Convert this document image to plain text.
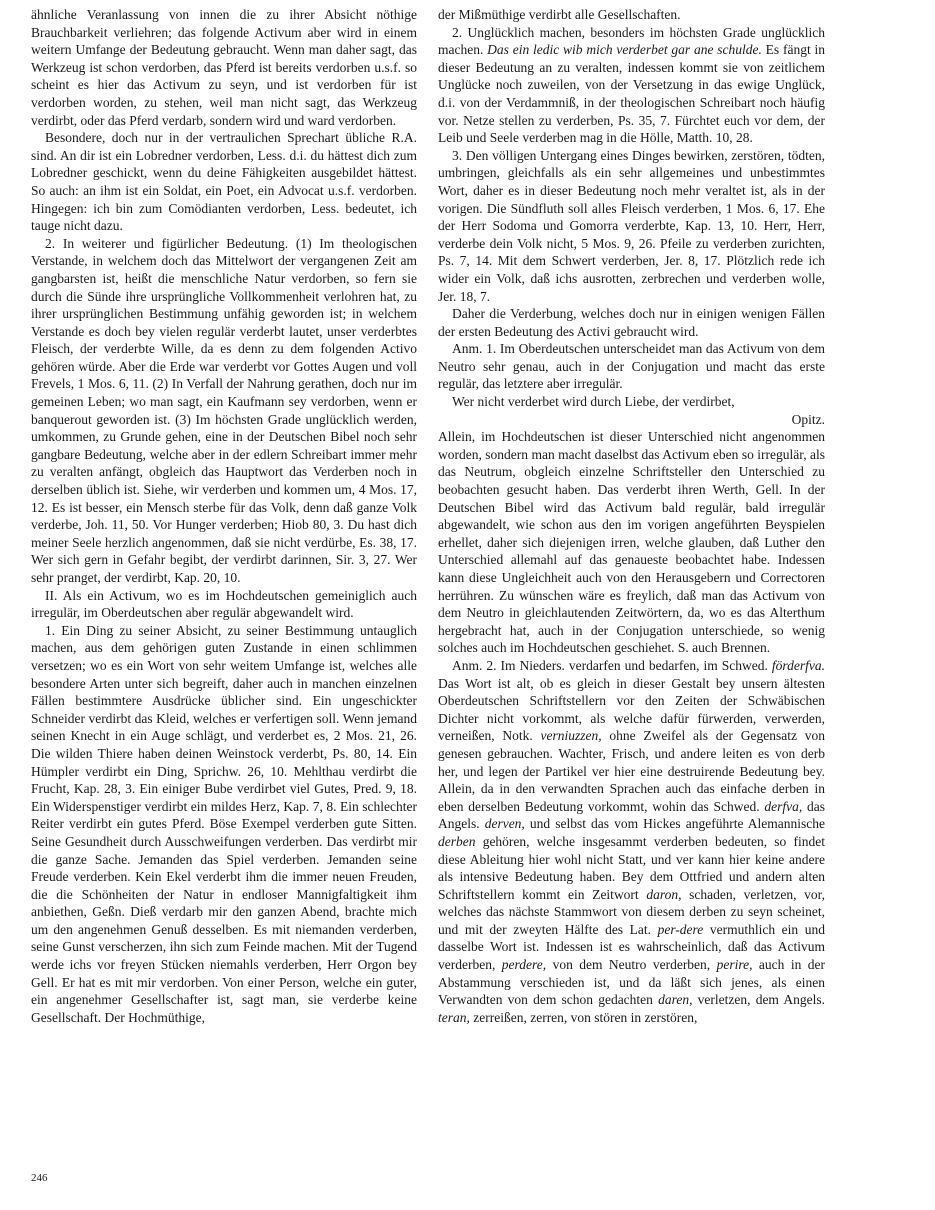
ähnliche Veranlassung von innen die zu ihrer Absicht nöthige Brauchbarkeit verliehren; das folgende Activum aber wird in einem weitern Umfange der Bedeutung gebraucht. Wenn man daher sagt, das Werkzeug ist schon verdorben, das Pferd ist bereits verdorben u.s.f. so scheint es hier das Activum zu seyn, und ist verdorben für ist verdorben worden, zu stehen, weil man nicht sagt, das Werkzeug verdirbt, oder das Pferd verdarb, sondern wird und ward verdorben.

Besondere, doch nur in der vertraulichen Sprechart übliche R.A. sind. An dir ist ein Lobredner verdorben, Less. d.i. du hättest dich zum Lobredner geschickt, wenn du deine Fähigkeiten ausgebildet hättest. So auch: an ihm ist ein Soldat, ein Poet, ein Advocat u.s.f. verdorben. Hingegen: ich bin zum Comödianten verdorben, Less. bedeutet, ich tauge nicht dazu.

2. In weiterer und figürlicher Bedeutung. (1) Im theologischen Verstande, in welchem doch das Mittelwort der vergangenen Zeit am gangbarsten ist, heißt die menschliche Natur verdorben, so fern sie durch die Sünde ihre ursprüngliche Vollkommenheit verlohren hat, zu ihrer ursprünglichen Bestimmung unfähig geworden ist; in welchem Verstande es doch bey vielen regulär verderbt lautet, unser verderbtes Fleisch, der verderbte Wille, da es denn zu dem folgenden Activo gehören würde. Aber die Erde war verderbt vor Gottes Augen und voll Frevels, 1 Mos. 6, 11. (2) In Verfall der Nahrung gerathen, doch nur im gemeinen Leben; wo man sagt, ein Kaufmann sey verdorben, wenn er banquerout geworden ist. (3) Im höchsten Grade unglücklich werden, umkommen, zu Grunde gehen, eine in der Deutschen Bibel noch sehr gangbare Bedeutung, welche aber in der edlern Schreibart immer mehr zu veralten anfängt, obgleich das Hauptwort das Verderben noch in derselben üblich ist. Siehe, wir verderben und kommen um, 4 Mos. 17, 12. Es ist besser, ein Mensch sterbe für das Volk, denn daß ganze Volk verderbe, Joh. 11, 50. Vor Hunger verderben; Hiob 80, 3. Du hast dich meiner Seele herzlich angenommen, daß sie nicht verdürbe, Es. 38, 17. Wer sich gern in Gefahr begibt, der verdirbt darinnen, Sir. 3, 27. Wer sehr pranget, der verdirbt, Kap. 20, 10.

II. Als ein Activum, wo es im Hochdeutschen gemeiniglich auch irregulär, im Oberdeutschen aber regulär abgewandelt wird.

1. Ein Ding zu seiner Absicht, zu seiner Bestimmung untauglich machen, aus dem gehörigen guten Zustande in einen schlimmen versetzen; wo es ein Wort von sehr weitem Umfange ist, welches alle besondere Arten unter sich begreift, daher auch in manchen einzelnen Fällen bestimmtere Ausdrücke üblicher sind. Ein ungeschickter Schneider verdirbt das Kleid, welches er verfertigen soll. Wenn jemand seinen Knecht in ein Auge schlägt, und verderbet es, 2 Mos. 21, 26. Die wilden Thiere haben deinen Weinstock verderbt, Ps. 80, 14. Ein Hümpler verdirbt ein Ding, Sprichw. 26, 10. Mehlthau verdirbt die Frucht, Kap. 28, 3. Ein einiger Bube verdirbet viel Gutes, Pred. 9, 18. Ein Widerspenstiger verdirbt ein mildes Herz, Kap. 7, 8. Ein schlechter Reiter verdirbt ein gutes Pferd. Böse Exempel verderben gute Sitten. Seine Gesundheit durch Ausschweifungen verderben. Das verdirbt mir die ganze Sache. Jemanden das Spiel verderben. Jemanden seine Freude verderben. Kein Ekel verderbt ihm die immer neuen Freuden, die die Schönheiten der Natur in endloser Mannigfaltigkeit ihm anbiethen, Geßn. Dieß verdarb mir den ganzen Abend, brachte mich um den angenehmen Genuß desselben. Es mit niemanden verderben, seine Gunst verscherzen, ihn sich zum Feinde machen. Mit der Tugend werde ichs vor freyen Stücken niemahls verderben, Herr Orgon bey Gell. Er hat es mit mir verdorben. Von einer Person, welche ein guter, ein angenehmer Gesellschafter ist, sagt man, sie verderbe keine Gesellschaft. Der Hochmüthige,

der Mißmüthige verdirbt alle Gesellschaften.

2. Unglücklich machen, besonders im höchsten Grade unglücklich machen. Das ein ledic wib mich verderbet gar ane schulde. Es fängt in dieser Bedeutung an zu veralten, indessen kommt sie von zeitlichem Unglücke noch zuweilen, von der Versetzung in das ewige Unglück, d.i. von der Verdammniß, in der theologischen Schreibart noch häufig vor. Netze stellen zu verderben, Ps. 35, 7. Fürchtet euch vor dem, der Leib und Seele verderben mag in die Hölle, Matth. 10, 28.

3. Den völligen Untergang eines Dinges bewirken, zerstören, tödten, umbringen, gleichfalls als ein sehr allgemeines und unbestimmtes Wort, daher es in dieser Bedeutung noch mehr veraltet ist, als in der vorigen. Die Sündfluth soll alles Fleisch verderben, 1 Mos. 6, 17. Ehe der Herr Sodoma und Gomorra verderbte, Kap. 13, 10. Herr, Herr, verderbe dein Volk nicht, 5 Mos. 9, 26. Pfeile zu verderben zurichten, Ps. 7, 14. Mit dem Schwert verderben, Jer. 8, 17. Plötzlich rede ich wider ein Volk, daß ichs ausrotten, zerbrechen und verderben wolle, Jer. 18, 7.

Daher die Verderbung, welches doch nur in einigen wenigen Fällen der ersten Bedeutung des Activi gebraucht wird.

Anm. 1. Im Oberdeutschen unterscheidet man das Activum von dem Neutro sehr genau, auch in der Conjugation und macht das erste regulär, das letztere aber irregulär.

Wer nicht verderbet wird durch Liebe, der verdirbet,

Opitz.

Allein, im Hochdeutschen ist dieser Unterschied nicht angenommen worden, sondern man macht daselbst das Activum eben so irregulär, als das Neutrum, obgleich einzelne Schriftsteller den Unterschied zu beobachten gesucht haben. Das verderbt ihren Werth, Gell. In der Deutschen Bibel wird das Activum bald regulär, bald irregulär abgewandelt, wie schon aus den im vorigen angeführten Beyspielen erhellet, daher sich diejenigen irren, welche glauben, daß Luther den Unterschied allemahl auf das genaueste beobachtet habe. Indessen kann diese Ungleichheit auch von den Herausgebern und Correctoren herrühren. Zu wünschen wäre es freylich, daß man das Activum von dem Neutro in gleichlautenden Zeitwörtern, da, wo es das Alterthum hergebracht hat, auch in der Conjugation unterschiede, so wenig solches auch im Hochdeutschen geschiehet. S. auch Brennen.

Anm. 2. Im Nieders. verdarfen und bedarfen, im Schwed. förderfva. Das Wort ist alt, ob es gleich in dieser Gestalt bey unsern ältesten Oberdeutschen Schriftstellern vor den Zeiten der Schwäbischen Dichter nicht vorkommt, als welche dafür fürwerden, verwerden, verneißen, Notk. verniuzzen, ohne Zweifel als der Gegensatz von genesen gebrauchen. Wachter, Frisch, und andere leiten es von derb her, und legen der Partikel ver hier eine destruirende Bedeutung bey. Allein, da in den verwandten Sprachen auch das einfache derben in eben derselben Bedeutung vorkommt, wohin das Schwed. derfva, das Angels. derven, und selbst das vom Hickes angeführte Alemannische derben gehören, welche insgesammt verderben bedeuten, so findet diese Ableitung hier wohl nicht Statt, und ver kann hier keine andere als intensive Bedeutung haben. Bey dem Ottfried und andern alten Schriftstellern kommt ein Zeitwort daron, schaden, verletzen, vor, welches das nächste Stammwort von diesem derben zu seyn scheinet, und mit der zweyten Hälfte des Lat. per-dere vermuthlich ein und dasselbe Wort ist. Indessen ist es wahrscheinlich, daß das Activum verderben, perdere, von dem Neutro verderben, perire, auch in der Abstammung verschieden ist, und da läßt sich jenes, als einen Verwandten von dem schon gedachten daren, verletzen, dem Angels. teran, zerreißen, zerren, von stören in zerstören,

246
